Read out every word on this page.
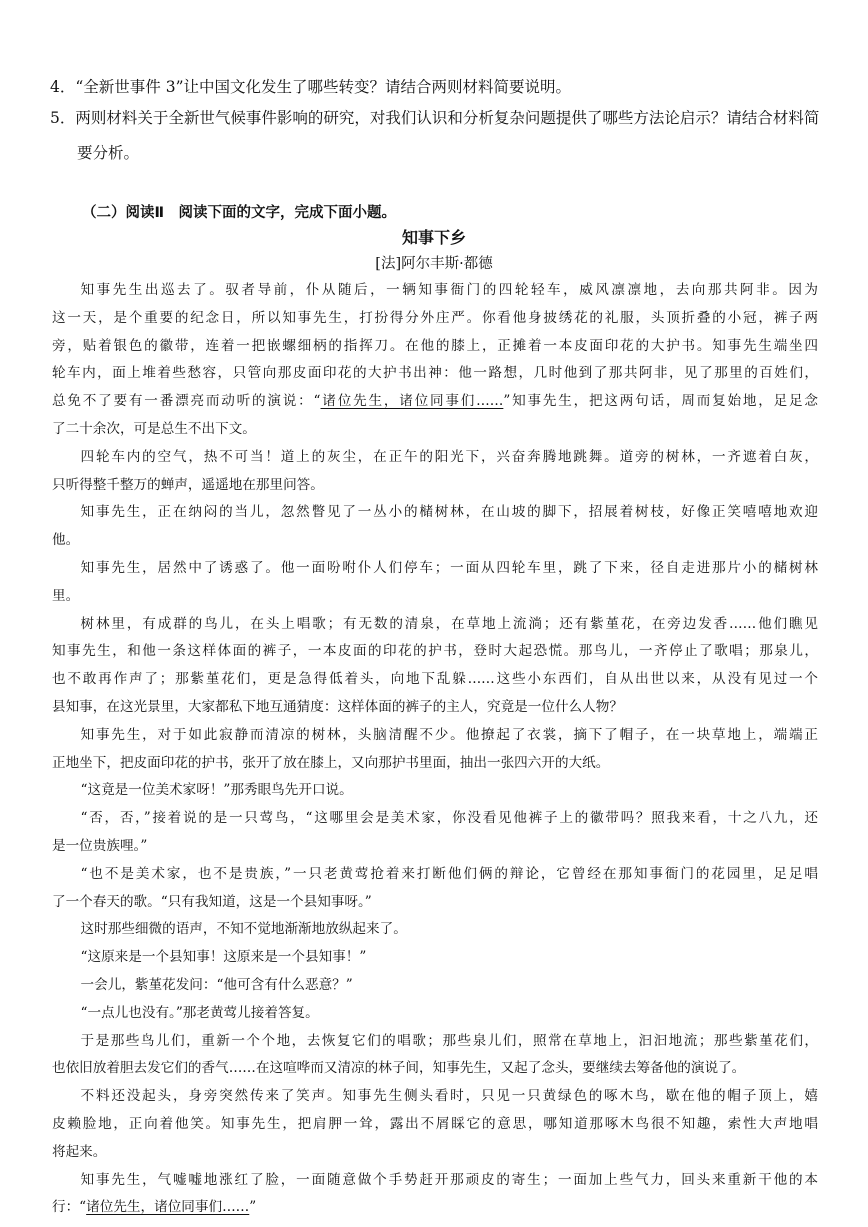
4．“全新世事件 3”让中国文化发生了哪些转变？请结合两则材料简要说明。
5．两则材料关于全新世气候事件影响的研究，对我们认识和分析复杂问题提供了哪些方法论启示？请结合材料简
要分析。
（二）阅读Ⅱ　阅读下面的文字，完成下面小题。
知事下乡
[法]阿尔丰斯·都德

知事先生出巡去了。驭者导前，仆从随后，一辆知事衙门的四轮轻车，威风凛凛地，去向那共阿非。因为

这一天，是个重要的纪念日，所以知事先生，打扮得分外庄严。你看他身披绣花的礼服，头顶折叠的小冠，裤子两

旁，贴着银色的徽带，连着一把嵌螺细柄的指挥刀。在他的膝上，正摊着一本皮面印花的大护书。知事先生端坐四

轮车内，面上堆着些愁容，只管向那皮面印花的大护书出神：他一路想，几时他到了那共阿非，见了那里的百姓们，

总免不了要有一番漂亮而动听的演说：“诸位先生，诸位同事们……”知事先生，把这两句话，周而复始地，足足念

了二十余次，可是总生不出下文。

四轮车内的空气，热不可当！道上的灰尘，在正午的阳光下，兴奋奔腾地跳舞。道旁的树林，一齐遮着白灰，

只听得整千整万的蝉声，遥遥地在那里问答。

知事先生，正在纳闷的当儿，忽然瞥见了一丛小的槠树林，在山坡的脚下，招展着树枝，好像正笑嘻嘻地欢迎

他。

知事先生，居然中了诱惑了。他一面吩咐仆人们停车；一面从四轮车里，跳了下来，径自走进那片小的槠树林

里。

树林里，有成群的鸟儿，在头上唱歌；有无数的清泉，在草地上流淌；还有紫堇花，在旁边发香……他们瞧见

知事先生，和他一条这样体面的裤子，一本皮面的印花的护书，登时大起恐慌。那鸟儿，一齐停止了歌唱；那泉儿，

也不敢再作声了；那紫堇花们，更是急得低着头，向地下乱躲……这些小东西们，自从出世以来，从没有见过一个

县知事，在这光景里，大家都私下地互通猜度：这样体面的裤子的主人，究竟是一位什么人物？

知事先生，对于如此寂静而清凉的树林，头脑清醒不少。他撩起了衣裳，摘下了帽子，在一块草地上，端端正

正地坐下，把皮面印花的护书，张开了放在膝上，又向那护书里面，抽出一张四六开的大纸。

“这竟是一位美术家呀！”那秀眼鸟先开口说。

“否，否，”接着说的是一只莺鸟，“这哪里会是美术家，你没看见他裤子上的徽带吗？照我来看，十之八九，还

是一位贵族哩。”

“也不是美术家，也不是贵族，”一只老黄莺抢着来打断他们俩的辩论，它曾经在那知事衙门的花园里，足足唱

了一个春天的歌。“只有我知道，这是一个县知事呀。”

这时那些细微的语声，不知不觉地渐渐地放纵起来了。

“这原来是一个县知事！这原来是一个县知事！”

一会儿，紫堇花发问：“他可含有什么恶意？”

“一点儿也没有。”那老黄莺儿接着答复。

于是那些鸟儿们，重新一个个地，去恢复它们的唱歌；那些泉儿们，照常在草地上，汩汩地流；那些紫堇花们，

也依旧放着胆去发它们的香气……在这喧哗而又清凉的林子间，知事先生，又起了念头，要继续去筹备他的演说了。

不料还没起头，身旁突然传来了笑声。知事先生侧头看时，只见一只黄绿色的啄木鸟，歇在他的帽子顶上，嬉

皮赖脸地，正向着他笑。知事先生，把肩胛一耸，露出不屑睬它的意思，哪知道那啄木鸟很不知趣，索性大声地唱

将起来。

知事先生，气嘘嘘地涨红了脸，一面随意做个手势赶开那顽皮的寄生；一面加上些气力，回头来重新干他的本

行：“诸位先生，诸位同事们……”
